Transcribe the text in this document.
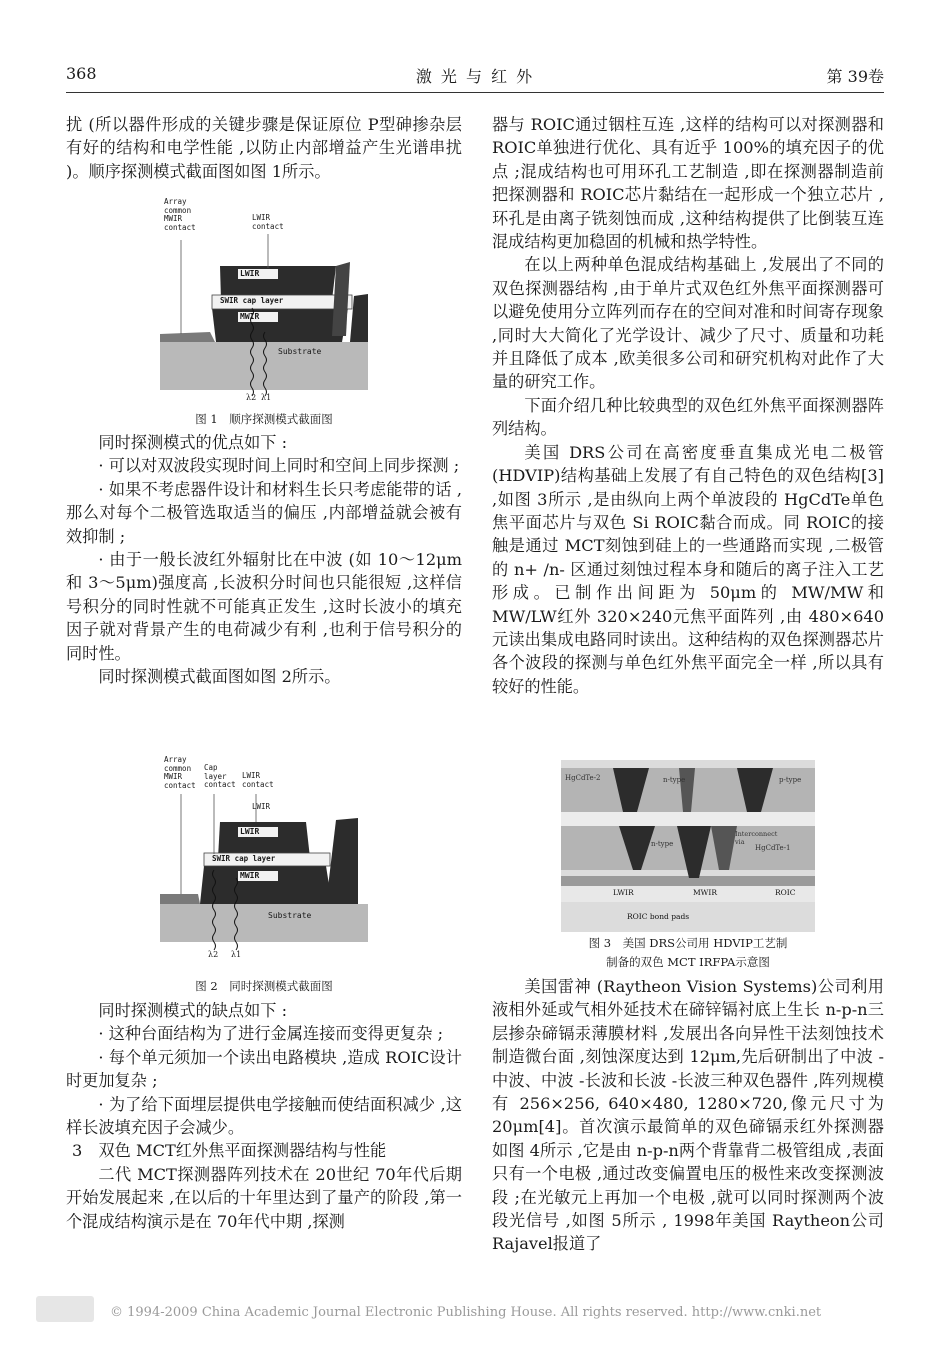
368	激 光 与 红 外	第 39卷

扰 (所以器件形成的关键步骤是保证原位 P型砷掺杂层有好的结构和电学性能 ,以防止内部增益产生光谱串扰 )。顺序探测模式截面图如图 1所示。

Array
common
MWIR
contact
LWIR
contact
LWIR
SWIR cap layer
MWIR
Substrate
λ2 λ1
图 1　顺序探测模式截面图

同时探测模式的优点如下 :

· 可以对双波段实现时间上同时和空间上同步探测 ;

· 如果不考虑器件设计和材料生长只考虑能带的话 ,那么对每个二极管选取适当的偏压 ,内部增益就会被有效抑制 ;

· 由于一般长波红外辐射比在中波 (如 10～12μm和 3～5μm)强度高 ,长波积分时间也只能很短 ,这样信号积分的同时性就不可能真正发生 ,这时长波小的填充因子就对背景产生的电荷减少有利 ,也利于信号积分的同时性。

同时探测模式截面图如图 2所示。

Array
common
MWIR
contact
Cap
layer
contact
LWIR
contact
LWIR
LWIR
SWIR cap layer
MWIR
Substrate
λ2 λ1
图 2　同时探测模式截面图

同时探测模式的缺点如下 :

· 这种台面结构为了进行金属连接而变得更复杂 ;

· 每个单元须加一个读出电路模块 ,造成 ROIC设计时更加复杂 ;

· 为了给下面埋层提供电学接触而使结面积减少 ,这样长波填充因子会减少。

3　双色 MCT红外焦平面探测器结构与性能

二代 MCT探测器阵列技术在 20世纪 70年代后期开始发展起来 ,在以后的十年里达到了量产的阶段 ,第一个混成结构演示是在 70年代中期 ,探测

器与 ROIC通过铟柱互连 ,这样的结构可以对探测器和 ROIC单独进行优化、具有近乎 100%的填充因子的优点 ;混成结构也可用环孔工艺制造 ,即在探测器制造前把探测器和 ROIC芯片黏结在一起形成一个独立芯片 ,环孔是由离子铣刻蚀而成 ,这种结构提供了比倒装互连混成结构更加稳固的机械和热学特性。

在以上两种单色混成结构基础上 ,发展出了不同的双色探测器结构 ,由于单片式双色红外焦平面探测器可以避免使用分立阵列而存在的空间对准和时间寄存现象 ,同时大大简化了光学设计、减少了尺寸、质量和功耗并且降低了成本 ,欧美很多公司和研究机构对此作了大量的研究工作。

下面介绍几种比较典型的双色红外焦平面探测器阵列结构。

美国 DRS公司在高密度垂直集成光电二极管 (HDVIP)结构基础上发展了有自己特色的双色结构[3] ,如图 3所示 ,是由纵向上两个单波段的 HgCdTe单色焦平面芯片与双色 Si ROIC黏合而成。同 ROIC的接触是通过 MCT刻蚀到硅上的一些通路而实现 ,二极管的 n+ /n- 区通过刻蚀过程本身和随后的离子注入工艺形成。已制作出间距为 50μm的 MW/MW和 MW/LW红外 320×240元焦平面阵列 ,由 480×640元读出集成电路同时读出。这种结构的双色探测器芯片各个波段的探测与单色红外焦平面完全一样 ,所以具有较好的性能。

HgCdTe-2	n-type	p-type
Interconnect
via
n-type	HgCdTe-1
LWIR	MWIR	ROIC
ROIC bond pads
图 3　美国 DRS公司用 HDVIP工艺制
制备的双色 MCT IRFPA示意图

美国雷神 (Raytheon Vision Systems)公司利用液相外延或气相外延技术在碲锌镉衬底上生长 n-p-n三层掺杂碲镉汞薄膜材料 ,发展出各向异性干法刻蚀技术制造微台面 ,刻蚀深度达到 12μm,先后研制出了中波 -中波、中波 -长波和长波 -长波三种双色器件 ,阵列规模有 256×256, 640×480, 1280×720,像元尺寸为 20μm[4]。首次演示最简单的双色碲镉汞红外探测器如图 4所示 ,它是由 n-p-n两个背靠背二极管组成 ,表面只有一个电极 ,通过改变偏置电压的极性来改变探测波段 ;在光敏元上再加一个电极 ,就可以同时探测两个波段光信号 ,如图 5所示 , 1998年美国 Raytheon公司 Rajavel报道了

© 1994-2009 China Academic Journal Electronic Publishing House. All rights reserved. http://www.cnki.net
